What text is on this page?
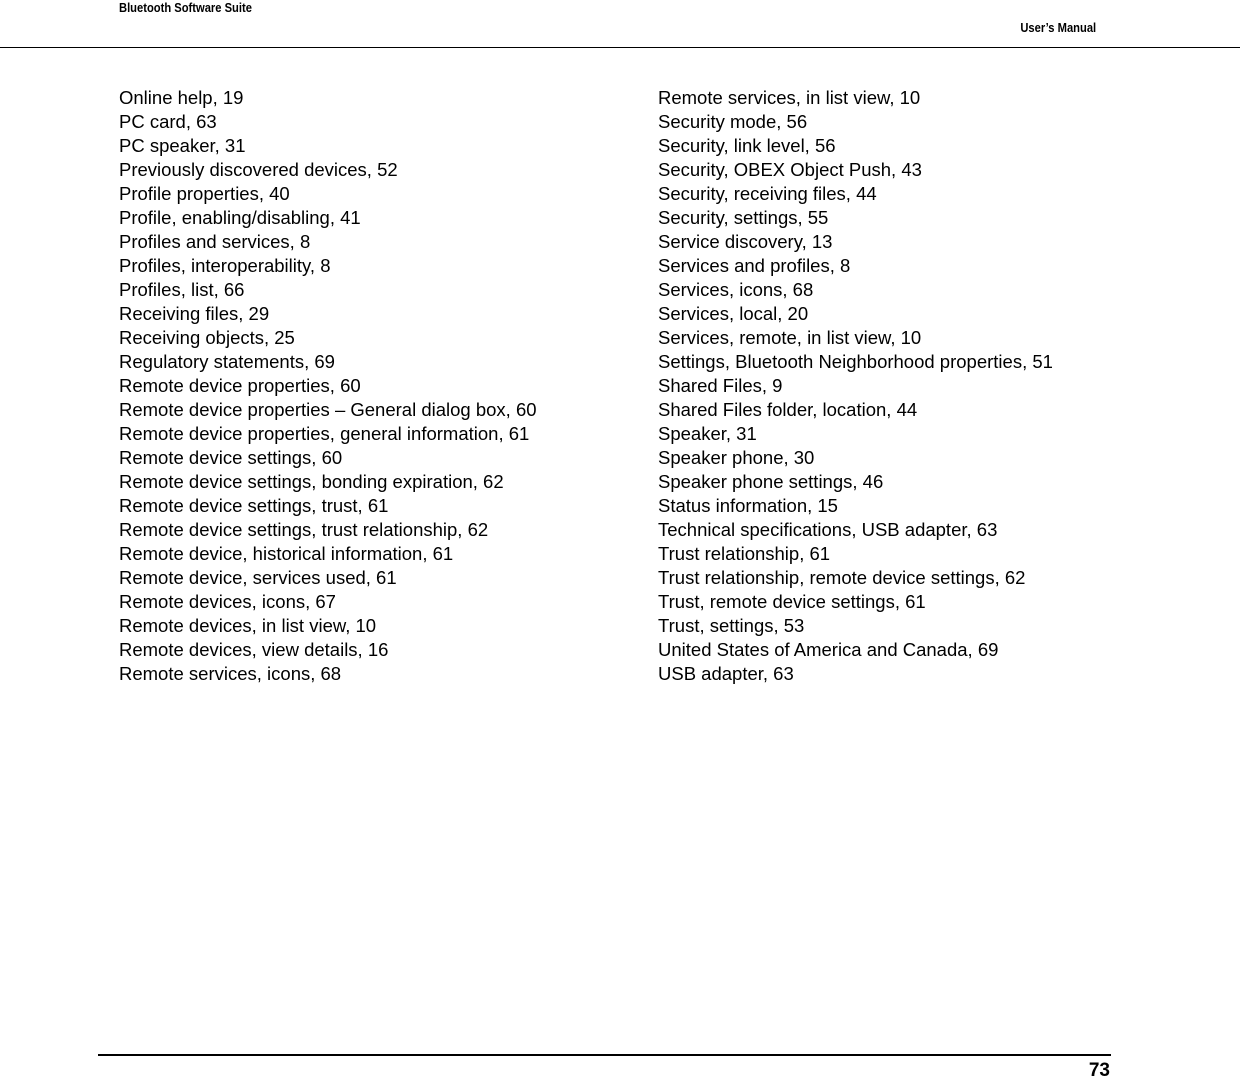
Bluetooth Software Suite
User’s Manual
Online help, 19
PC card, 63
PC speaker, 31
Previously discovered devices, 52
Profile properties, 40
Profile, enabling/disabling, 41
Profiles and services, 8
Profiles, interoperability, 8
Profiles, list, 66
Receiving files, 29
Receiving objects, 25
Regulatory statements, 69
Remote device properties, 60
Remote device properties – General dialog box, 60
Remote device properties, general information, 61
Remote device settings, 60
Remote device settings, bonding expiration, 62
Remote device settings, trust, 61
Remote device settings, trust relationship, 62
Remote device, historical information, 61
Remote device, services used, 61
Remote devices, icons, 67
Remote devices, in list view, 10
Remote devices, view details, 16
Remote services, icons, 68
Remote services, in list view, 10
Security mode, 56
Security, link level, 56
Security, OBEX Object Push, 43
Security, receiving files, 44
Security, settings, 55
Service discovery, 13
Services and profiles, 8
Services, icons, 68
Services, local, 20
Services, remote, in list view, 10
Settings, Bluetooth Neighborhood properties, 51
Shared Files, 9
Shared Files folder, location, 44
Speaker, 31
Speaker phone, 30
Speaker phone settings, 46
Status information, 15
Technical specifications, USB adapter, 63
Trust relationship, 61
Trust relationship, remote device settings, 62
Trust, remote device settings, 61
Trust, settings, 53
United States of America and Canada, 69
USB adapter, 63
73
